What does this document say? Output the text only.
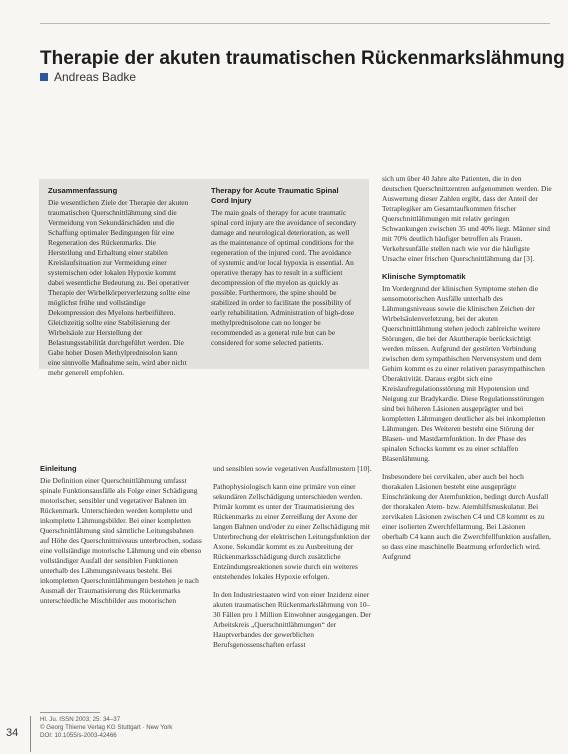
Therapie der akuten traumatischen Rückenmarkslähmung
Andreas Badke
Zusammenfassung

Die wesentlichen Ziele der Therapie der akuten traumatischen Querschnittlähmung sind die Vermeidung von Sekundärschäden und die Schaffung optimaler Bedingungen für eine Regeneration des Rückenmarks. Die Herstellung und Erhaltung einer stabilen Kreislaufsituation zur Vermeidung einer systemischen oder lokalen Hypoxie kommt dabei wesentliche Bedeutung zu. Bei operativer Therapie der Wirbelkörperverletzung sollte eine möglichst frühe und vollständige Dekompression des Myelons herbeiführen. Gleichzeitig sollte eine Stabilisierung der Wirbelsäule zur Herstellung der Belastungsstabilität durchgeführt werden. Die Gabe hoher Dosen Methylprednisolon kann eine sinnvolle Maßnahme sein, wird aber nicht mehr generell empfohlen.

Therapy for Acute Traumatic Spinal Cord Injury

The main goals of therapy for acute traumatic spinal cord injury are the avoidance of secondary damage and neurological deterioration, as well as the maintenance of optimal conditions for the regeneration of the injured cord. The avoidance of systemic and/or local hypoxia is essential. An operative therapy has to result in a sufficient decompression of the myelon as quickly as possible. Furthermore, the spine should be stabilized in order to facilitate the possibility of early rehabilitation. Administration of high-dose methylprednisolone can no longer be recommended as a general rule but can be considered for some selected patients.

sich um über 40 Jahre alte Patienten, die in den deutschen Querschnittzentren aufgenommen werden. Die Auswertung dieser Zahlen ergibt, dass der Anteil der Tetraplegiker am Gesamtaufkommen frischer Querschnittlähmungen mit relativ geringen Schwankungen zwischen 35 und 40% liegt. Männer sind mit 70% deutlich häufiger betroffen als Frauen. Verkehrsunfälle stellen nach wie vor die häufigste Ursache einer frischen Querschnittlähmung dar [3].

Klinische Symptomatik

Im Vordergrund der klinischen Symptome stehen die sensomotorischen Ausfälle unterhalb des Lähmungsniveaus sowie die klinischen Zeichen der Wirbelsäulenverletzung, bei der akuten Querschnittlähmung stehen jedoch zahlreiche weitere Störungen, die bei der Akuttherapie berücksichtigt werden müssen. Aufgrund der gestörten Verbindung zwischen dem sympathischen Nervensystem und dem Gehirn kommt es zu einer relativen parasympathischen Überaktivität. Daraus ergibt sich eine Kreislaufregulationsstörung mit Hypotension und Neigung zur Bradykardie. Diese Regulationsstörungen sind bei höheren Läsionen ausgeprägter und bei kompletten Lähmungen deutlicher als bei inkompletten Lähmungen. Des Weiteren besteht eine Störung der Blasen- und Mastdarmfunktion. In der Phase des spinalen Schocks kommt es zu einer schlaffen Blasenlähmung.

Insbesondere bei cervikalen, aber auch bei hoch thorakalen Läsionen besteht eine ausgeprägte Einschränkung der Atemfunktion, bedingt durch Ausfall der thorakalen Atem- bzw. Atemhilfsmuskulatur. Bei zervikalen Läsionen zwischen C4 und C8 kommt es zu einer isolierten Zwerchfellatmung. Bei Läsionen oberhalb C4 kann auch die Zwerchfellfunktion ausfallen, so dass eine maschinelle Beatmung erforderlich wird. Aufgrund

Einleitung

Die Definition einer Querschnittlähmung umfasst spinale Funktionsausfälle als Folge einer Schädigung motorischer, sensibler und vegetativer Bahnen im Rückenmark. Unterschieden werden komplette und inkomplette Lähmungsbilder. Bei einer kompletten Querschnittlähmung sind sämtliche Leitungsbahnen auf Höhe des Querschnittniveaus unterbrochen, sodass eine vollständige motorische Lähmung und ein ebenso vollständiger Ausfall der sensiblen Funktionen unterhalb des Lähmungsniveaus besteht. Bei inkompletten Querschnittlähmungen bestehen je nach Ausmaß der Traumatisierung des Rückenmarks unterschiedliche Mischbilder aus motorischen

und sensiblen sowie vegetativen Ausfallmustern [10].

Pathophysiologisch kann eine primäre von einer sekundären Zellschädigung unterschieden werden. Primär kommt es unter der Traumatisierung des Rückenmarks zu einer Zerreißung der Axone der langen Bahnen und/oder zu einer Zellschädigung mit Unterbrechung der elektrischen Leitungsfunktion der Axone. Sekundär kommt es zu Ausbreitung der Rückenmarksschädigung durch zusätzliche Entzündungsreaktionen sowie durch ein weiteres entstehendes lokales Hypoxie erfolgen.

In den Industriestaaten wird von einer Inzidenz einer akuten traumatischen Rückenmarkslähmung von 10–30 Fällen pro 1 Million Einwohner ausgegangen. Der Arbeitskreis „Querschnittlähmungen“ der Hauptverbandes der gewerblichen Berufsgenossenschaften erfasst

Hl. Ju. ISSN 2003; 25: 34–37

© Georg Thieme Verlag KG Stuttgart · New York

DOI: 10.1055/s-2003-42466

34
